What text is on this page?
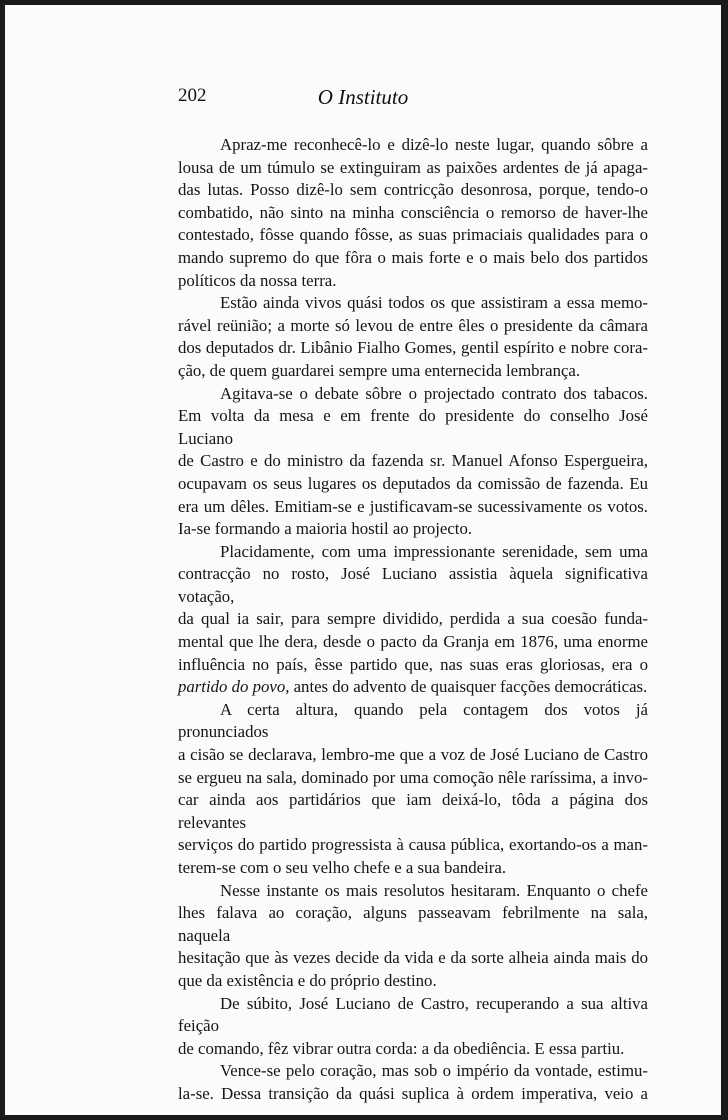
202	O Instituto

Apraz-me reconhecê-lo e dizê-lo neste lugar, quando sôbre a
lousa de um túmulo se extinguiram as paixões ardentes de já apaga-
das lutas. Posso dizê-lo sem contricção desonrosa, porque, tendo-o
combatido, não sinto na minha consciência o remorso de haver-lhe
contestado, fôsse quando fôsse, as suas primaciais qualidades para o
mando supremo do que fôra o mais forte e o mais belo dos partidos
políticos da nossa terra.

Estão ainda vivos quási todos os que assistiram a essa memo-
rável reünião; a morte só levou de entre êles o presidente da câmara
dos deputados dr. Libânio Fialho Gomes, gentil espírito e nobre cora-
ção, de quem guardarei sempre uma enternecida lembrança.

Agitava-se o debate sôbre o projectado contrato dos tabacos.
Em volta da mesa e em frente do presidente do conselho José Luciano
de Castro e do ministro da fazenda sr. Manuel Afonso Espergueira,
ocupavam os seus lugares os deputados da comissão de fazenda. Eu
era um dêles. Emitiam-se e justificavam-se sucessivamente os votos.
Ia-se formando a maioria hostil ao projecto.

Placidamente, com uma impressionante serenidade, sem uma
contracção no rosto, José Luciano assistia àquela significativa votação,
da qual ia sair, para sempre dividido, perdida a sua coesão funda-
mental que lhe dera, desde o pacto da Granja em 1876, uma enorme
influência no país, êsse partido que, nas suas eras gloriosas, era o
partido do povo, antes do advento de quaisquer facções democráticas.

A certa altura, quando pela contagem dos votos já pronunciados
a cisão se declarava, lembro-me que a voz de José Luciano de Castro
se ergueu na sala, dominado por uma comoção nêle raríssima, a invo-
car ainda aos partidários que iam deixá-lo, tôda a página dos relevantes
serviços do partido progressista à causa pública, exortando-os a man-
terem-se com o seu velho chefe e a sua bandeira.

Nesse instante os mais resolutos hesitaram. Enquanto o chefe
lhes falava ao coração, alguns passeavam febrilmente na sala, naquela
hesitação que às vezes decide da vida e da sorte alheia ainda mais do
que da existência e do próprio destino.

De súbito, José Luciano de Castro, recuperando a sua altiva feição
de comando, fêz vibrar outra corda: a da obediência. E essa partiu.

Vence-se pelo coração, mas sob o império da vontade, estimu-
la-se. Dessa transição da quási suplica à ordem imperativa, veio a
